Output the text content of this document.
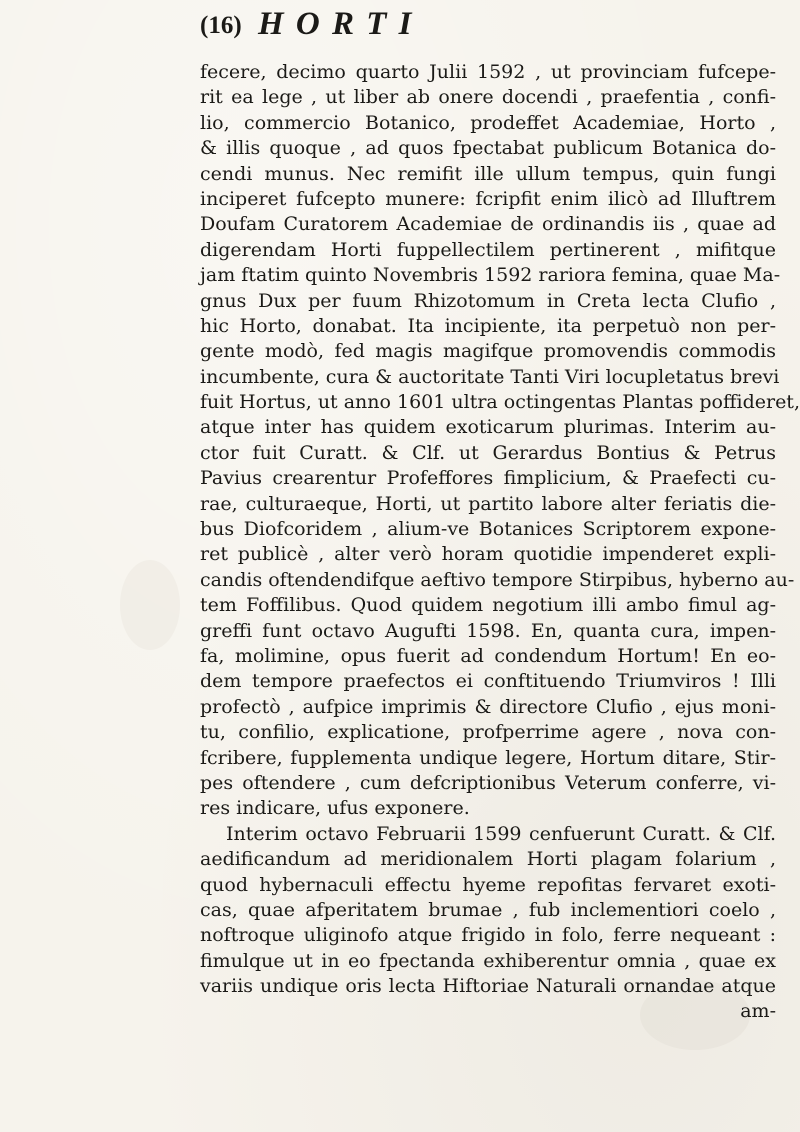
(16) H O R T I
fecere, decimo quarto Julii 1592 , ut provinciam fufcepe-
rit ea lege , ut liber ab onere docendi , praefentia , confi-
lio, commercio Botanico, prodeffet Academiae, Horto ,
& illis quoque , ad quos fpectabat publicum Botanica do-
cendi munus. Nec remifit ille ullum tempus, quin fungi
inciperet fufcepto munere: fcripfit enim ilicò ad Illuftrem
Doufam Curatorem Academiae de ordinandis iis , quae ad
digerendam Horti fuppellectilem pertinerent , mifitque
jam ftatim quinto Novembris 1592 rariora femina, quae Ma-
gnus Dux per fuum Rhizotomum in Creta lecta Clufio ,
hic Horto, donabat. Ita incipiente, ita perpetuò non per-
gente modò, fed magis magifque promovendis commodis
incumbente, cura & auctoritate Tanti Viri locupletatus brevi
fuit Hortus, ut anno 1601 ultra octingentas Plantas poffideret,
atque inter has quidem exoticarum plurimas. Interim au-
ctor fuit Curatt. & Clf. ut Gerardus Bontius & Petrus
Pavius crearentur Profeffores fimplicium, & Praefecti cu-
rae, culturaeque, Horti, ut partito labore alter feriatis die-
bus Diofcoridem , alium-ve Botanices Scriptorem expone-
ret publicè , alter verò horam quotidie impenderet expli-
candis oftendendifque aeftivo tempore Stirpibus, hyberno au-
tem Foffilibus. Quod quidem negotium illi ambo fimul ag-
greffi funt octavo Augufti 1598. En, quanta cura, impen-
fa, molimine, opus fuerit ad condendum Hortum! En eo-
dem tempore praefectos ei conftituendo Triumviros ! Illi
profectò , aufpice imprimis & directore Clufio , ejus moni-
tu, confilio, explicatione, profperrime agere , nova con-
fcribere, fupplementa undique legere, Hortum ditare, Stir-
pes oftendere , cum defcriptionibus Veterum conferre, vi-
res indicare, ufus exponere.
Interim octavo Februarii 1599 cenfuerunt Curatt. & Clf.
aedificandum ad meridionalem Horti plagam folarium ,
quod hybernaculi effectu hyeme repofitas fervaret exoti-
cas, quae afperitatem brumae , fub inclementiori coelo ,
noftroque uliginofo atque frigido in folo, ferre nequeant :
fimulque ut in eo fpectanda exhiberentur omnia , quae ex
variis undique oris lecta Hiftoriae Naturali ornandae atque
am-
